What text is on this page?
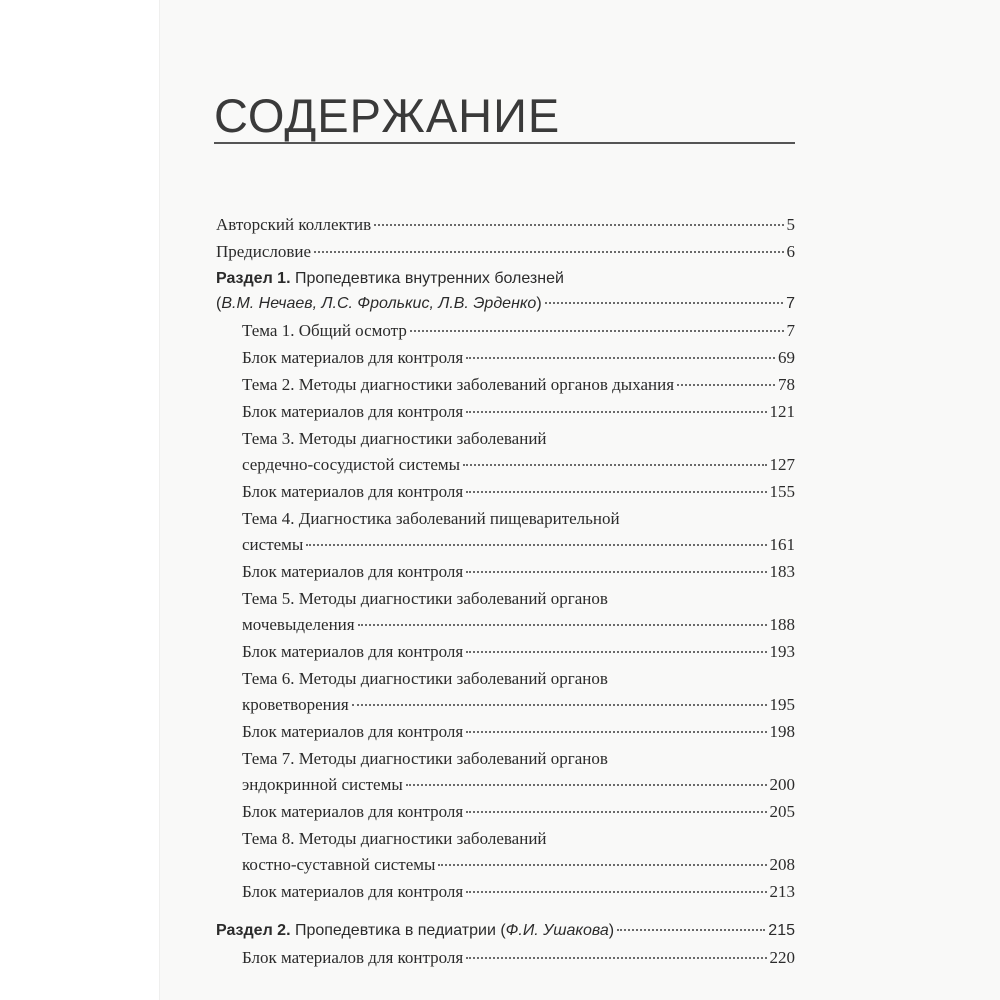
СОДЕРЖАНИЕ
Авторский коллектив	5
Предисловие	6
Раздел 1. Пропедевтика внутренних болезней
(В.М. Нечаев, Л.С. Фролькис, Л.В. Эрденко)	7
Тема 1. Общий осмотр	7
Блок материалов для контроля	69
Тема 2. Методы диагностики заболеваний органов дыхания	78
Блок материалов для контроля	121
Тема 3. Методы диагностики заболеваний
сердечно-сосудистой системы	127
Блок материалов для контроля	155
Тема 4. Диагностика заболеваний пищеварительной
системы	161
Блок материалов для контроля	183
Тема 5. Методы диагностики заболеваний органов
мочевыделения	188
Блок материалов для контроля	193
Тема 6. Методы диагностики заболеваний органов
кроветворения	195
Блок материалов для контроля	198
Тема 7. Методы диагностики заболеваний органов
эндокринной системы	200
Блок материалов для контроля	205
Тема 8. Методы диагностики заболеваний
костно-суставной системы	208
Блок материалов для контроля	213
Раздел 2. Пропедевтика в педиатрии (Ф.И. Ушакова)	215
Блок материалов для контроля	220
